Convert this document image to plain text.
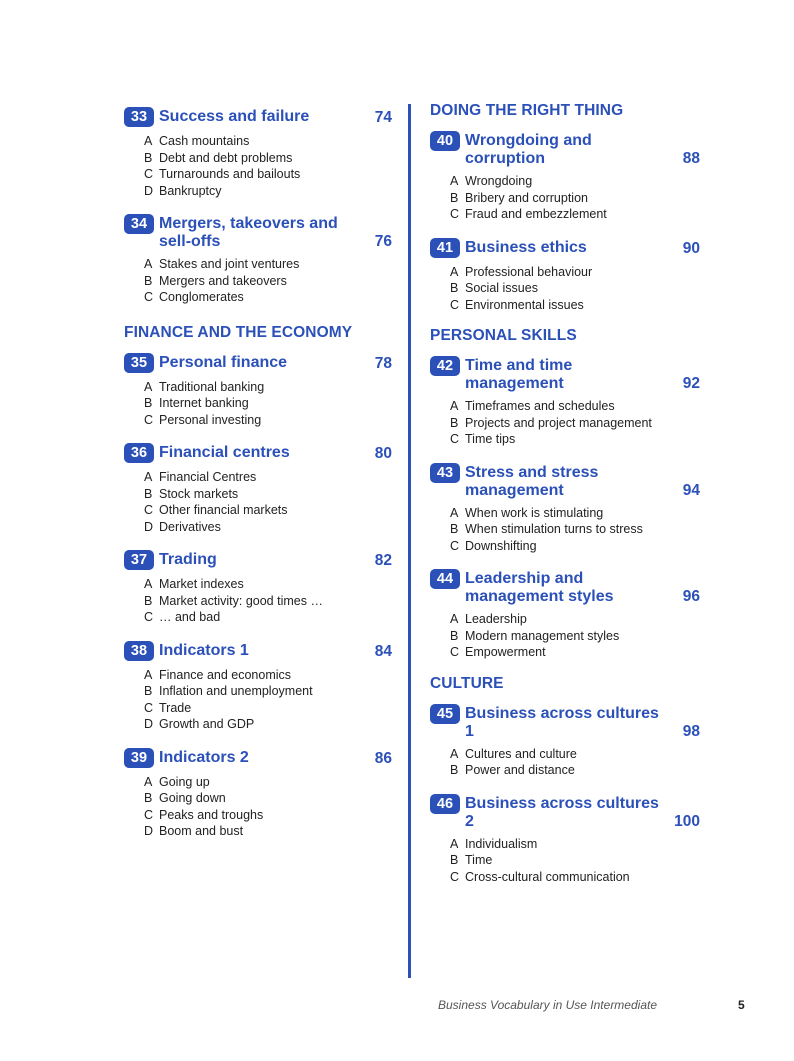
33 Success and failure	74
A Cash mountains
B Debt and debt problems
C Turnarounds and bailouts
D Bankruptcy
34 Mergers, takeovers and sell-offs	76
A Stakes and joint ventures
B Mergers and takeovers
C Conglomerates
FINANCE AND THE ECONOMY
35 Personal finance	78
A Traditional banking
B Internet banking
C Personal investing
36 Financial centres	80
A Financial Centres
B Stock markets
C Other financial markets
D Derivatives
37 Trading	82
A Market indexes
B Market activity: good times …
C … and bad
38 Indicators 1	84
A Finance and economics
B Inflation and unemployment
C Trade
D Growth and GDP
39 Indicators 2	86
A Going up
B Going down
C Peaks and troughs
D Boom and bust
DOING THE RIGHT THING
40 Wrongdoing and corruption	88
A Wrongdoing
B Bribery and corruption
C Fraud and embezzlement
41 Business ethics	90
A Professional behaviour
B Social issues
C Environmental issues
PERSONAL SKILLS
42 Time and time management	92
A Timeframes and schedules
B Projects and project management
C Time tips
43 Stress and stress management	94
A When work is stimulating
B When stimulation turns to stress
C Downshifting
44 Leadership and management styles	96
A Leadership
B Modern management styles
C Empowerment
CULTURE
45 Business across cultures 1	98
A Cultures and culture
B Power and distance
46 Business across cultures 2	100
A Individualism
B Time
C Cross-cultural communication
Business Vocabulary in Use Intermediate	5
